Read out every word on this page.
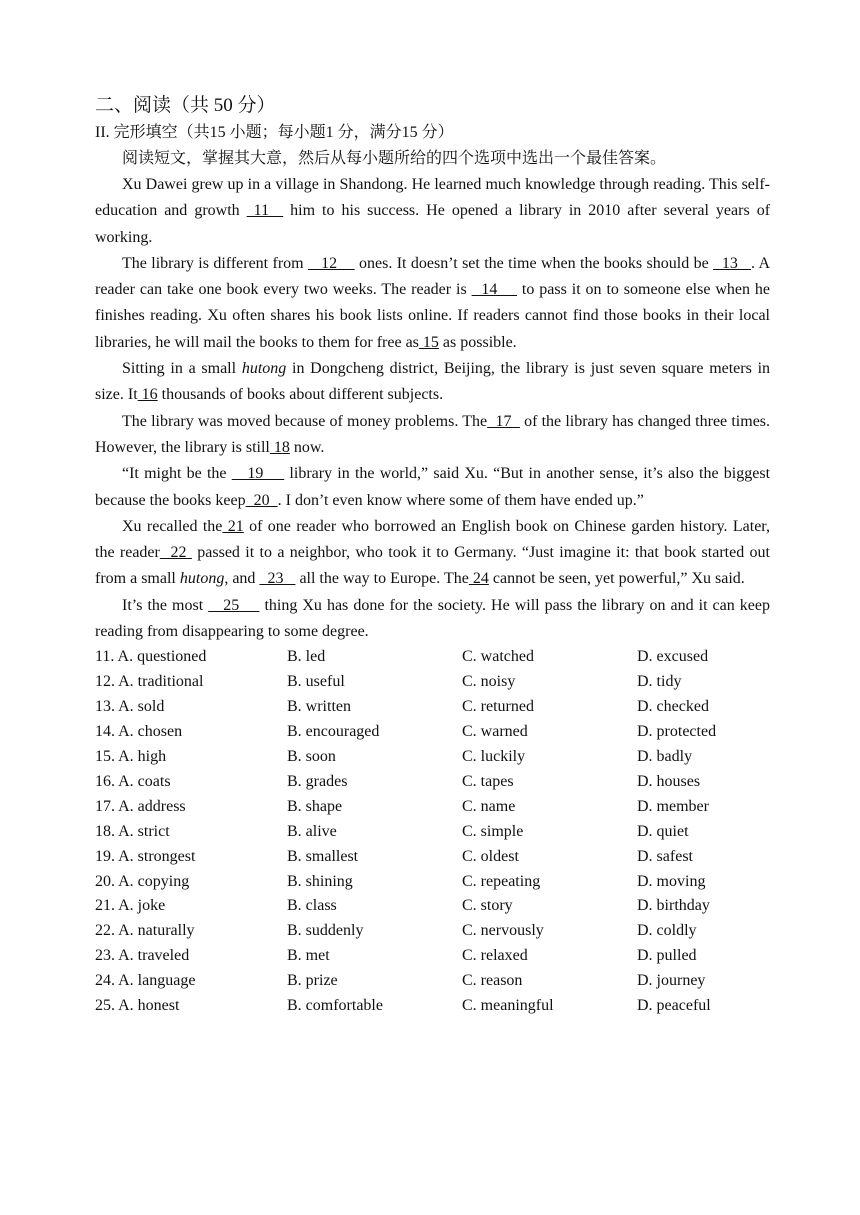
二、阅读（共 50 分）

II. 完形填空（共15 小题；每小题1 分，满分15 分）

阅读短文，掌握其大意，然后从每小题所给的四个选项中选出一个最佳答案。

Xu Dawei grew up in a village in Shandong. He learned much knowledge through reading. This self-education and growth  11   him to his success. He opened a library in 2010 after several years of working.

The library is different from    12     ones. It doesn’t set the time when the books should be   13   . A reader can take one book every two weeks. The reader is   14     to pass it on to someone else when he finishes reading. Xu often shares his book lists online. If readers cannot find those books in their local libraries, he will mail the books to them for free as 15 as possible.

Sitting in a small hutong in Dongcheng district, Beijing, the library is just seven square meters in size. It 16 thousands of books about different subjects.

The library was moved because of money problems. The  17   of the library has changed three times. However, the library is still 18 now.

“It might be the    19     library in the world,” said Xu. “But in another sense, it’s also the biggest because the books keep  20  . I don’t even know where some of them have ended up.”

Xu recalled the 21 of one reader who borrowed an English book on Chinese garden history. Later, the reader  22  passed it to a neighbor, who took it to Germany. “Just imagine it: that book started out from a small hutong, and   23    all the way to Europe. The 24 cannot be seen, yet powerful,” Xu said.

It’s the most    25     thing Xu has done for the society. He will pass the library on and it can keep reading from disappearing to some degree.

11. A. questioned	B. led	C. watched	D. excused
12. A. traditional	B. useful	C. noisy	D. tidy
13. A. sold	B. written	C. returned	D. checked
14. A. chosen	B. encouraged	C. warned	D. protected
15. A. high	B. soon	C. luckily	D. badly
16. A. coats	B. grades	C. tapes	D. houses
17. A. address	B. shape	C. name	D. member
18. A. strict	B. alive	C. simple	D. quiet
19. A. strongest	B. smallest	C. oldest	D. safest
20. A. copying	B. shining	C. repeating	D. moving
21. A. joke	B. class	C. story	D. birthday
22. A. naturally	B. suddenly	C. nervously	D. coldly
23. A. traveled	B. met	C. relaxed	D. pulled
24. A. language	B. prize	C. reason	D. journey
25. A. honest	B. comfortable	C. meaningful	D. peaceful
